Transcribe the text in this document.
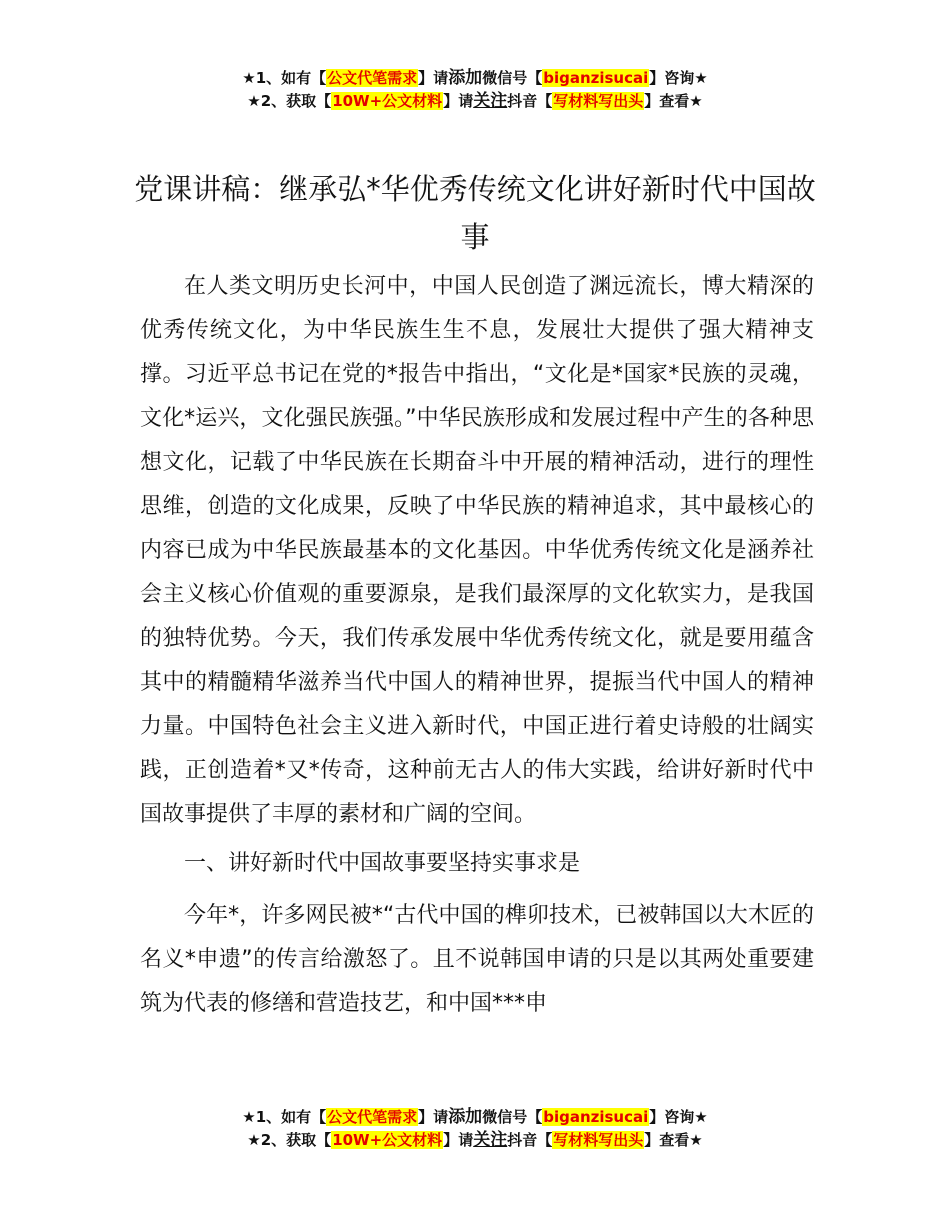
★1、如有【公文代笔需求】请添加微信号【biganzisucai】咨询★
★2、获取【10W+公文材料】请关注抖音【写材料写出头】查看★
党课讲稿：继承弘*华优秀传统文化讲好新时代中国故事

在人类文明历史长河中，中国人民创造了渊远流长，博大精深的优秀传统文化，为中华民族生生不息，发展壮大提供了强大精神支撑。习近平总书记在党的*报告中指出，“文化是*国家*民族的灵魂，文化*运兴，文化强民族强。”中华民族形成和发展过程中产生的各种思想文化，记载了中华民族在长期奋斗中开展的精神活动，进行的理性思维，创造的文化成果，反映了中华民族的精神追求，其中最核心的内容已成为中华民族最基本的文化基因。中华优秀传统文化是涵养社会主义核心价值观的重要源泉，是我们最深厚的文化软实力，是我国的独特优势。今天，我们传承发展中华优秀传统文化，就是要用蕴含其中的精髓精华滋养当代中国人的精神世界，提振当代中国人的精神力量。中国特色社会主义进入新时代，中国正进行着史诗般的壮阔实践，正创造着*又*传奇，这种前无古人的伟大实践，给讲好新时代中国故事提供了丰厚的素材和广阔的空间。

一、讲好新时代中国故事要坚持实事求是

今年*，许多网民被*“古代中国的榫卯技术，已被韩国以大木匠的名义*申遗”的传言给激怒了。且不说韩国申请的只是以其两处重要建筑为代表的修缮和营造技艺，和中国***申

★1、如有【公文代笔需求】请添加微信号【biganzisucai】咨询★
★2、获取【10W+公文材料】请关注抖音【写材料写出头】查看★
